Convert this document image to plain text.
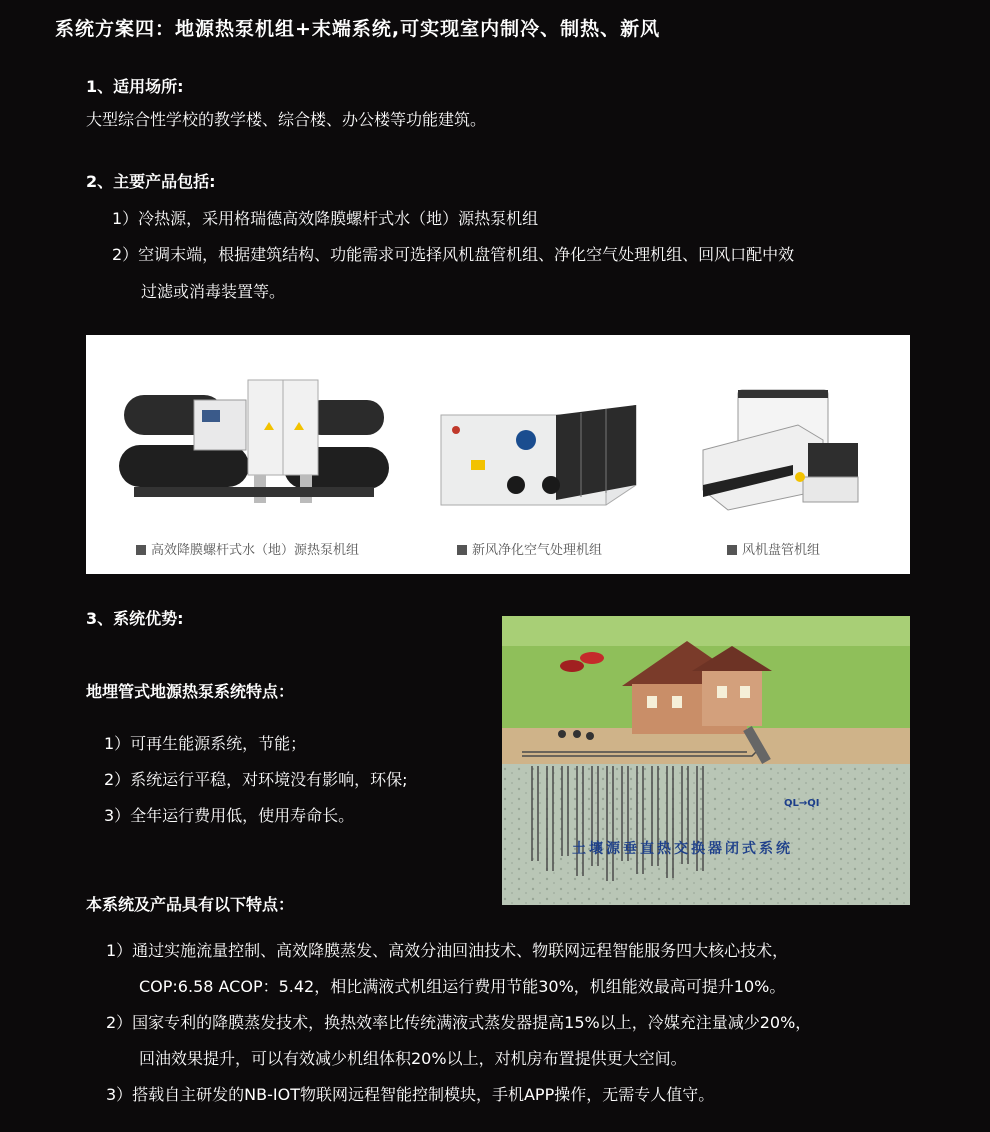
系统方案四：地源热泵机组+末端系统,可实现室内制冷、制热、新风
1、适用场所:
大型综合性学校的教学楼、综合楼、办公楼等功能建筑。
2、主要产品包括:
1）冷热源，采用格瑞德高效降膜螺杆式水（地）源热泵机组
2）空调末端，根据建筑结构、功能需求可选择风机盘管机组、净化空气处理机组、回风口配中效
过滤或消毒装置等。
高效降膜螺杆式水（地）源热泵机组	新风净化空气处理机组	风机盘管机组
3、系统优势:
地埋管式地源热泵系统特点：
1）可再生能源系统，节能；
2）系统运行平稳，对环境没有影响，环保;
3）全年运行费用低，使用寿命长。
QL→QI
土壤源垂直热交换器闭式系统
本系统及产品具有以下特点：
1）通过实施流量控制、高效降膜蒸发、高效分油回油技术、物联网远程智能服务四大核心技术，
COP:6.58 ACOP：5.42，相比满液式机组运行费用节能30%，机组能效最高可提升10%。
2）国家专利的降膜蒸发技术，换热效率比传统满液式蒸发器提高15%以上，冷媒充注量减少20%，
回油效果提升，可以有效减少机组体积20%以上，对机房布置提供更大空间。
3）搭载自主研发的NB-IOT物联网远程智能控制模块，手机APP操作，无需专人值守。
